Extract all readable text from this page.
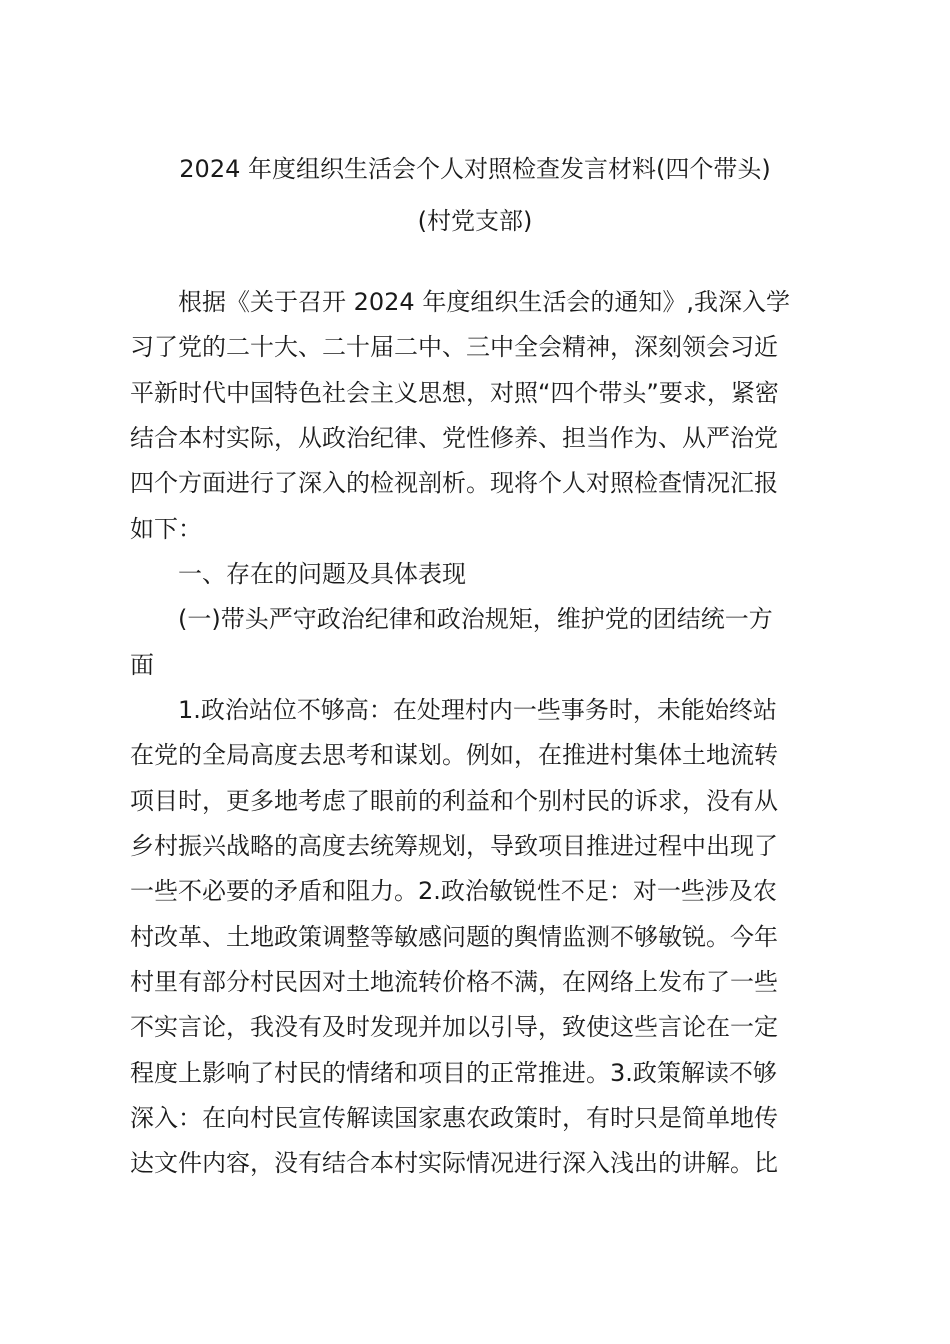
2024 年度组织生活会个人对照检查发言材料(四个带头)
(村党支部)

根据《关于召开 2024 年度组织生活会的通知》,我深入学

习了党的二十大、二十届二中、三中全会精神，深刻领会习近

平新时代中国特色社会主义思想，对照“四个带头”要求，紧密

结合本村实际，从政治纪律、党性修养、担当作为、从严治党

四个方面进行了深入的检视剖析。现将个人对照检查情况汇报

如下：

一、存在的问题及具体表现

(一)带头严守政治纪律和政治规矩，维护党的团结统一方

面

1.政治站位不够高：在处理村内一些事务时，未能始终站

在党的全局高度去思考和谋划。例如，在推进村集体土地流转

项目时，更多地考虑了眼前的利益和个别村民的诉求，没有从

乡村振兴战略的高度去统筹规划，导致项目推进过程中出现了

一些不必要的矛盾和阻力。2.政治敏锐性不足：对一些涉及农

村改革、土地政策调整等敏感问题的舆情监测不够敏锐。今年

村里有部分村民因对土地流转价格不满，在网络上发布了一些

不实言论，我没有及时发现并加以引导，致使这些言论在一定

程度上影响了村民的情绪和项目的正常推进。3.政策解读不够

深入：在向村民宣传解读国家惠农政策时，有时只是简单地传

达文件内容，没有结合本村实际情况进行深入浅出的讲解。比
